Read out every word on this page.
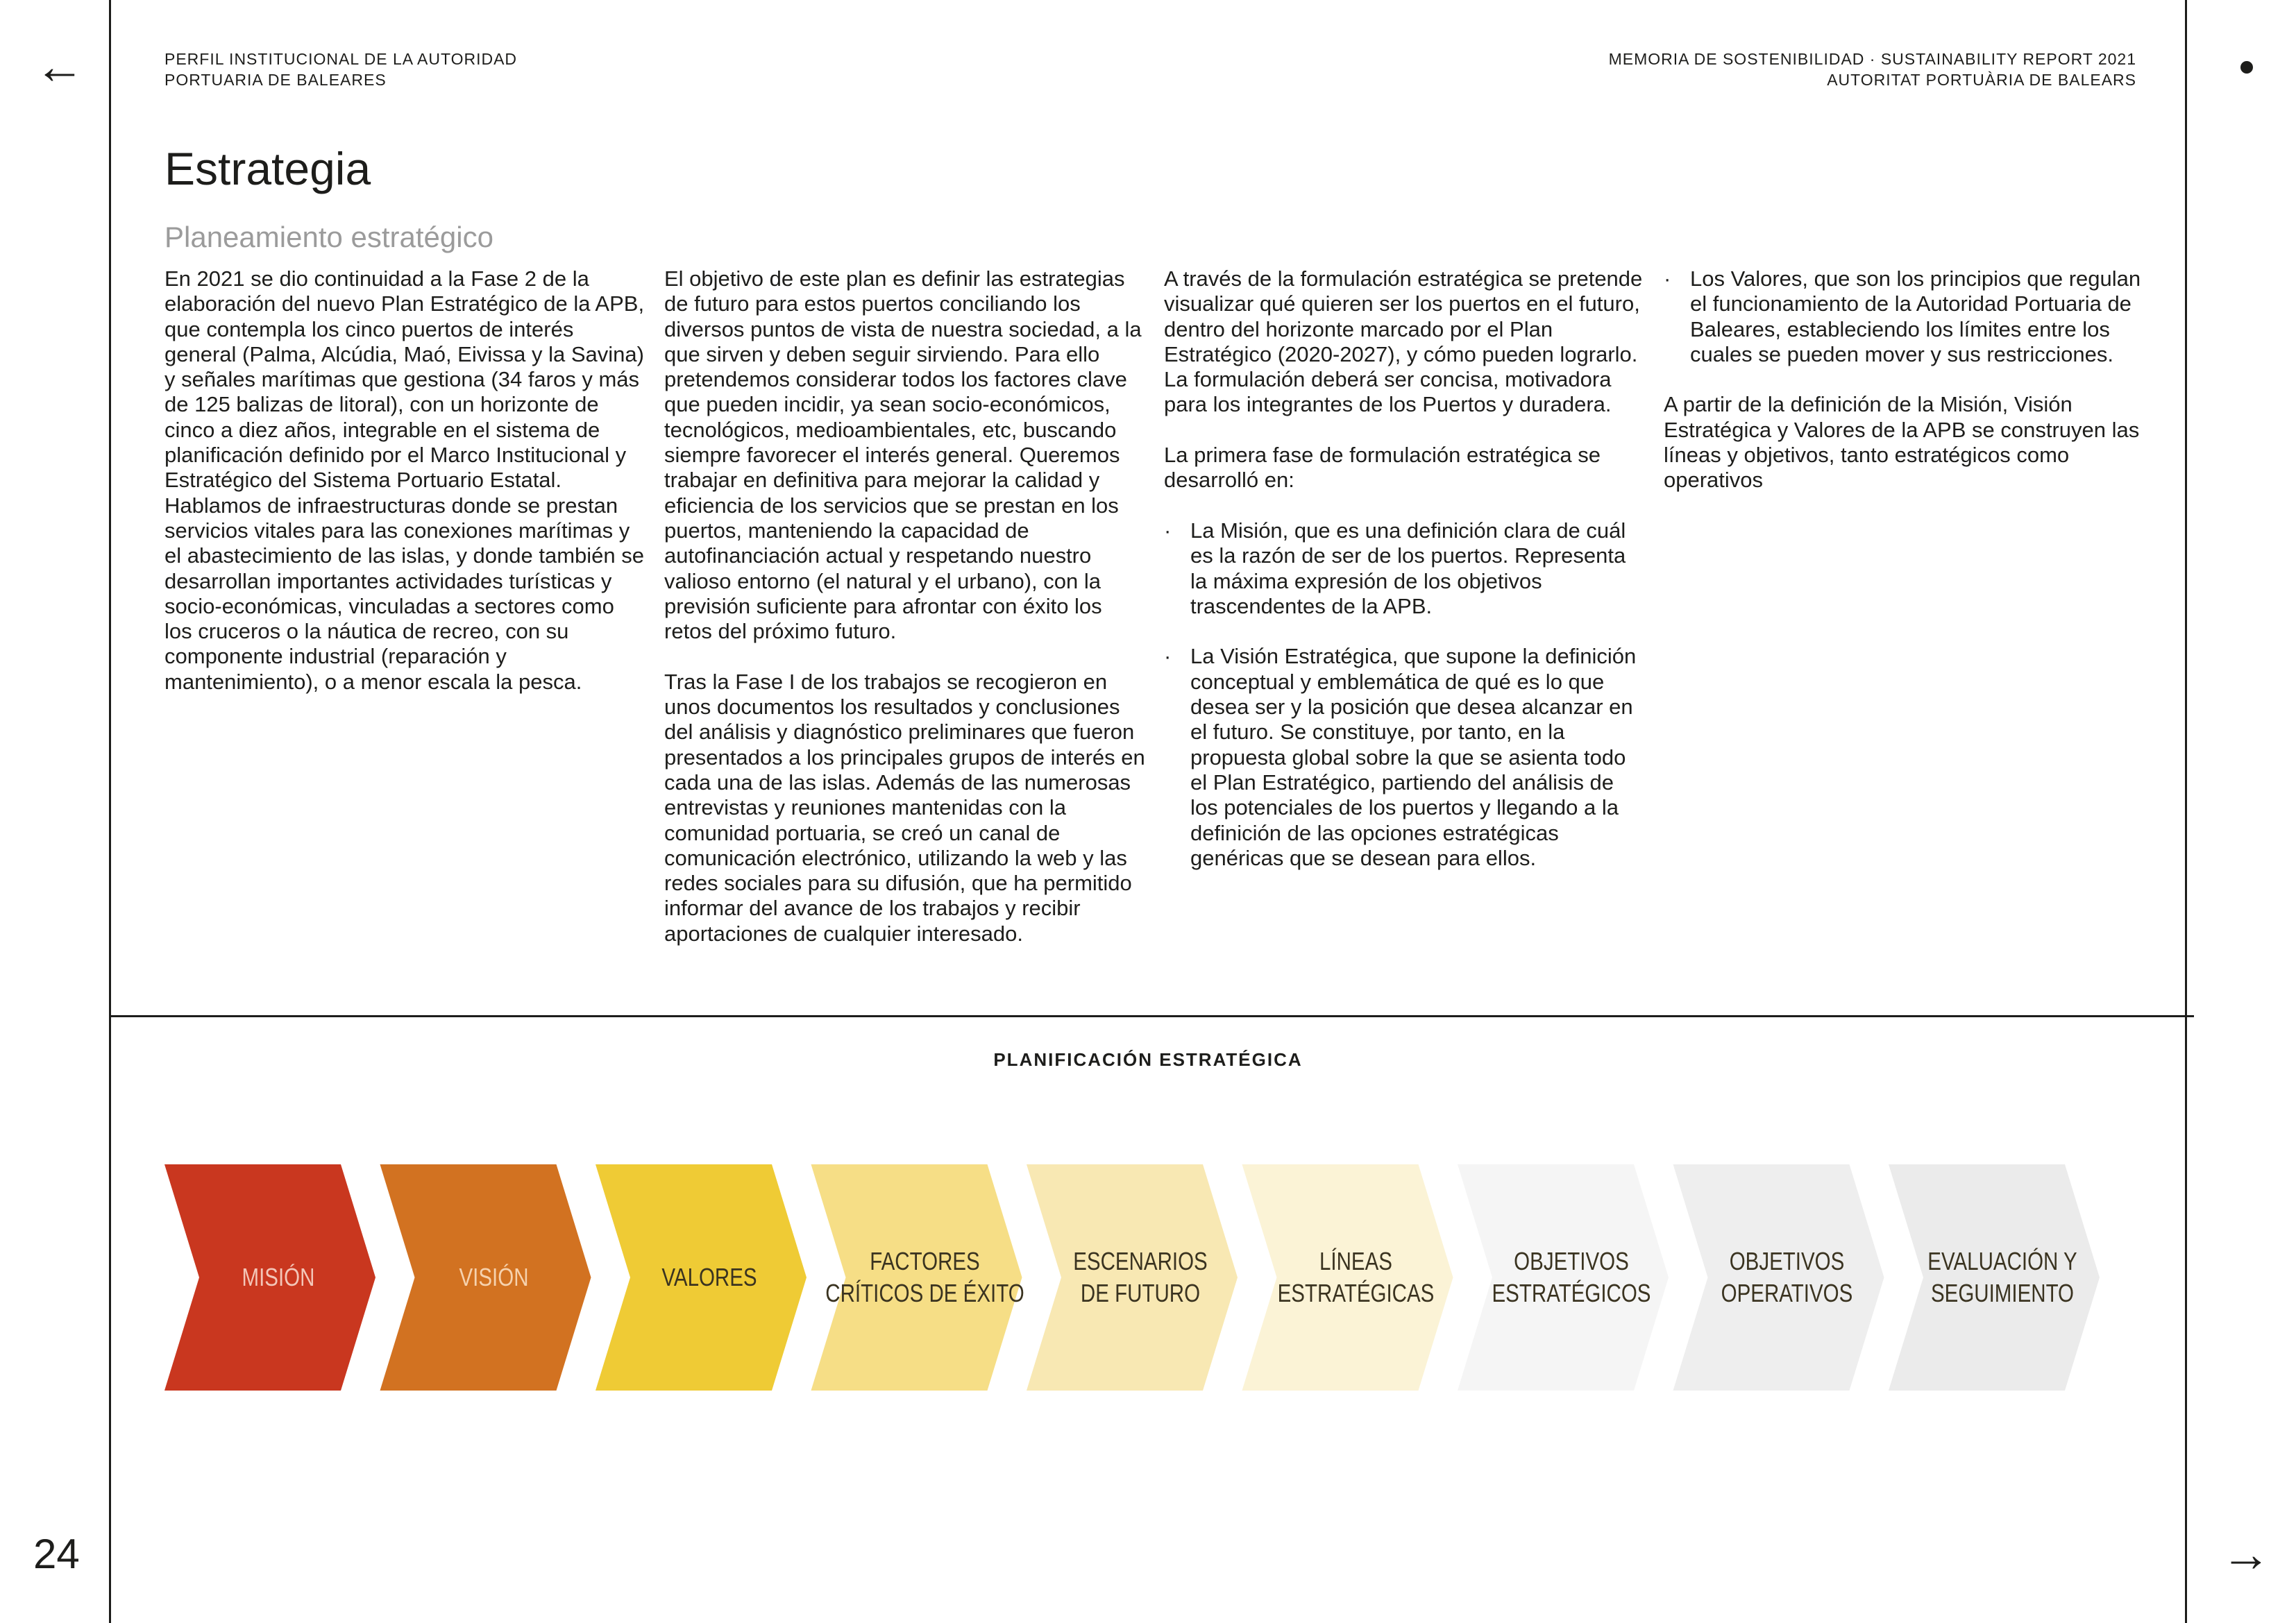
←
→
24
PERFIL INSTITUCIONAL DE LA AUTORIDAD
PORTUARIA DE BALEARES
MEMORIA DE SOSTENIBILIDAD · SUSTAINABILITY REPORT 2021
AUTORITAT PORTUÀRIA DE BALEARS
Estrategia
Planeamiento estratégico

En 2021 se dio continuidad a la Fase 2 de la elaboración del nuevo Plan Estratégico de la APB, que contempla los cinco puertos de interés general (Palma, Alcúdia, Maó, Eivissa y la Savina) y señales marítimas que gestiona (34 faros y más de 125 balizas de litoral), con un horizonte de cinco a diez años, integrable en el sistema de planificación definido por el Marco Institucional y Estratégico del Sistema Portuario Estatal. Hablamos de infraestructuras donde se prestan servicios vitales para las conexiones marítimas y el abastecimiento de las islas, y donde también se desarrollan importantes actividades turísticas y socio-económicas, vinculadas a sectores como los cruceros o la náutica de recreo, con su componente industrial (reparación y mantenimiento), o a menor escala la pesca.

El objetivo de este plan es definir las estrategias de futuro para estos puertos conciliando los diversos puntos de vista de nuestra sociedad, a la que sirven y deben seguir sirviendo. Para ello pretendemos considerar todos los factores clave que pueden incidir, ya sean socio-económicos, tecnológicos, medioambientales, etc, buscando siempre favorecer el interés general. Queremos trabajar en definitiva para mejorar la calidad y eficiencia de los servicios que se prestan en los puertos, manteniendo la capacidad de autofinanciación actual y respetando nuestro valioso entorno (el natural y el urbano), con la previsión suficiente para afrontar con éxito los retos del próximo futuro.

Tras la Fase I de los trabajos se recogieron en unos documentos los resultados y conclusiones del análisis y diagnóstico preliminares que fueron presentados a los principales grupos de interés en cada una de las islas. Además de las numerosas entrevistas y reuniones mantenidas con la comunidad portuaria, se creó un canal de comunicación electrónico, utilizando la web y las redes sociales para su difusión, que ha permitido informar del avance de los trabajos y recibir aportaciones de cualquier interesado.

A través de la formulación estratégica se pretende visualizar qué quieren ser los puertos en el futuro, dentro del horizonte marcado por el Plan Estratégico (2020-2027), y cómo pueden lograrlo. La formulación deberá ser concisa, motivadora para los integrantes de los Puertos y duradera.

La primera fase de formulación estratégica se desarrolló en:

· La Misión, que es una definición clara de cuál es la razón de ser de los puertos. Representa la máxima expresión de los objetivos trascendentes de la APB.
· La Visión Estratégica, que supone la definición conceptual y emblemática de qué es lo que desea ser y la posición que desea alcanzar en el futuro. Se constituye, por tanto, en la propuesta global sobre la que se asienta todo el Plan Estratégico, partiendo del análisis de los potenciales de los puertos y llegando a la definición de las opciones estratégicas genéricas que se desean para ellos.
· Los Valores, que son los principios que regulan el funcionamiento de la Autoridad Portuaria de Baleares, estableciendo los límites entre los cuales se pueden mover y sus restricciones.

A partir de la definición de la Misión, Visión Estratégica y Valores de la APB se construyen las líneas y objetivos, tanto estratégicos como operativos

PLANIFICACIÓN ESTRATÉGICA
MISIÓN	VISIÓN	VALORES
FACTORES CRÍTICOS DE ÉXITO
ESCENARIOS DE FUTURO
LÍNEAS ESTRATÉGICAS
OBJETIVOS ESTRATÉGICOS
OBJETIVOS OPERATIVOS
EVALUACIÓN Y SEGUIMIENTO
